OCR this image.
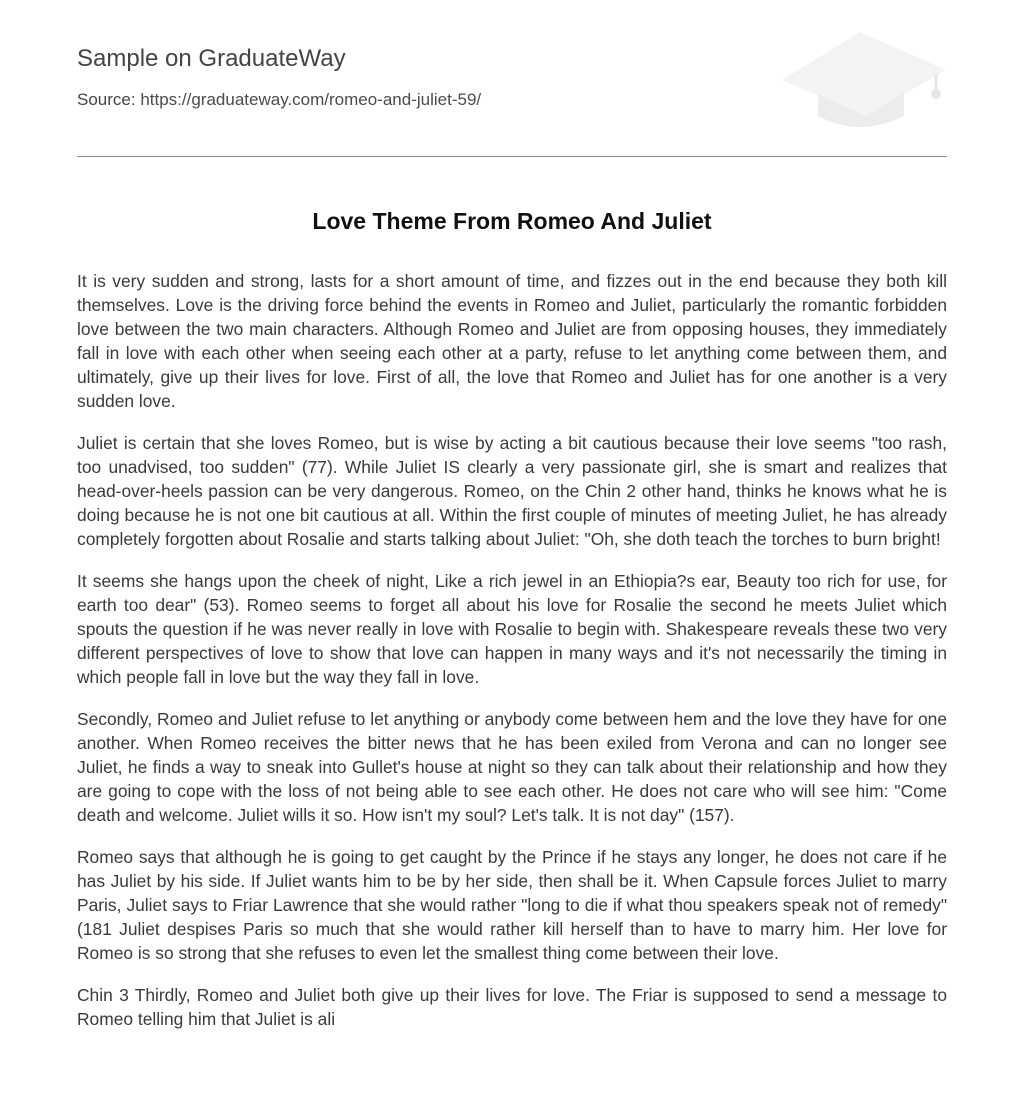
Sample on GraduateWay
Source: https://graduateway.com/romeo-and-juliet-59/
Love Theme From Romeo And Juliet

It is very sudden and strong, lasts for a short amount of time, and fizzes out in the end because they both kill themselves. Love is the driving force behind the events in Romeo and Juliet, particularly the romantic forbidden love between the two main characters. Although Romeo and Juliet are from opposing houses, they immediately fall in love with each other when seeing each other at a party, refuse to let anything come between them, and ultimately, give up their lives for love. First of all, the love that Romeo and Juliet has for one another is a very sudden love.

Juliet is certain that she loves Romeo, but is wise by acting a bit cautious because their love seems "too rash, too unadvised, too sudden" (77). While Juliet IS clearly a very passionate girl, she is smart and realizes that head-over-heels passion can be very dangerous. Romeo, on the Chin 2 other hand, thinks he knows what he is doing because he is not one bit cautious at all. Within the first couple of minutes of meeting Juliet, he has already completely forgotten about Rosalie and starts talking about Juliet: "Oh, she doth teach the torches to burn bright!

It seems she hangs upon the cheek of night, Like a rich jewel in an Ethiopia?s ear, Beauty too rich for use, for earth too dear" (53). Romeo seems to forget all about his love for Rosalie the second he meets Juliet which spouts the question if he was never really in love with Rosalie to begin with. Shakespeare reveals these two very different perspectives of love to show that love can happen in many ways and it's not necessarily the timing in which people fall in love but the way they fall in love.

Secondly, Romeo and Juliet refuse to let anything or anybody come between hem and the love they have for one another. When Romeo receives the bitter news that he has been exiled from Verona and can no longer see Juliet, he finds a way to sneak into Gullet's house at night so they can talk about their relationship and how they are going to cope with the loss of not being able to see each other. He does not care who will see him: "Come death and welcome. Juliet wills it so. How isn't my soul? Let's talk. It is not day" (157).

Romeo says that although he is going to get caught by the Prince if he stays any longer, he does not care if he has Juliet by his side. If Juliet wants him to be by her side, then shall be it. When Capsule forces Juliet to marry Paris, Juliet says to Friar Lawrence that she would rather "long to die if what thou speakers speak not of remedy" (181 Juliet despises Paris so much that she would rather kill herself than to have to marry him. Her love for Romeo is so strong that she refuses to even let the smallest thing come between their love.

Chin 3 Thirdly, Romeo and Juliet both give up their lives for love. The Friar is supposed to send a message to Romeo telling him that Juliet is ali
